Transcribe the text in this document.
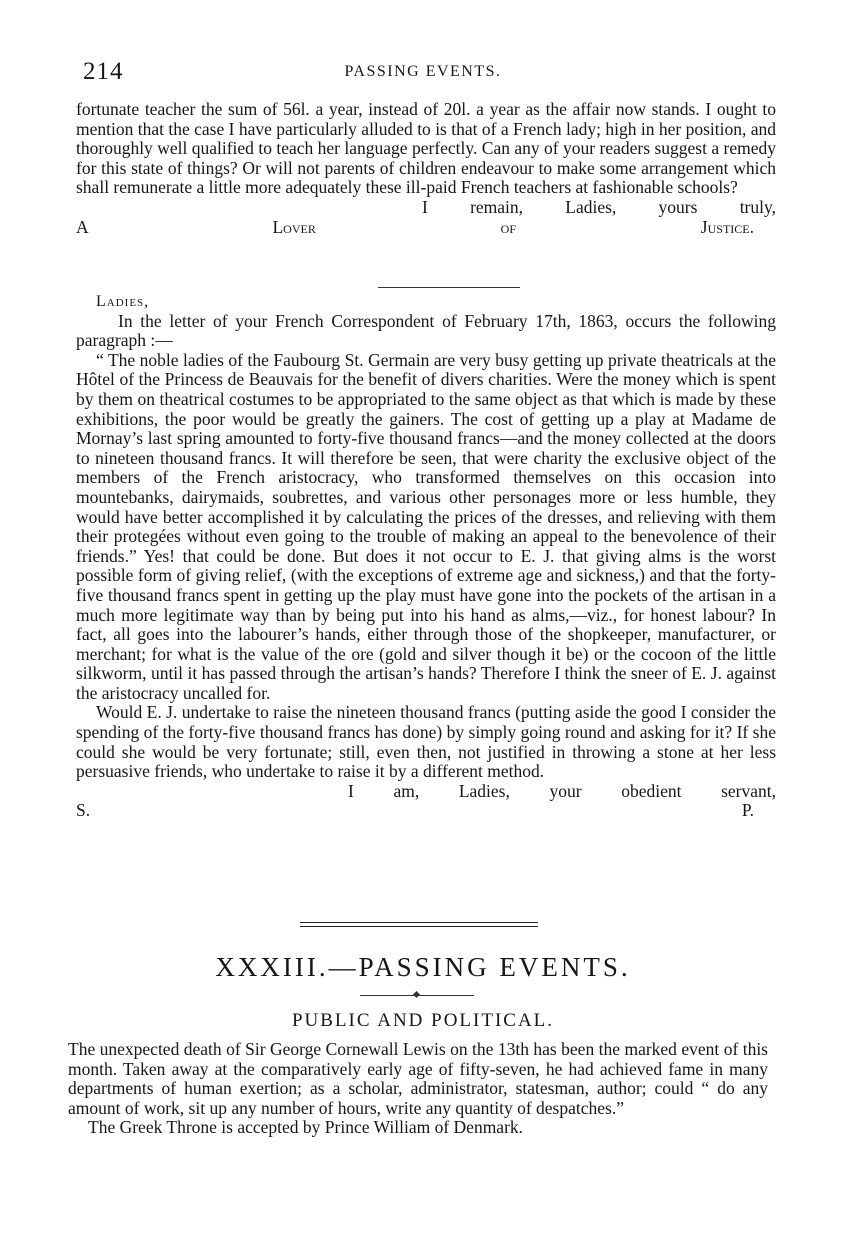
214	PASSING EVENTS.

fortunate teacher the sum of 56l. a year, instead of 20l. a year as the affair now stands. I ought to mention that the case I have particularly alluded to is that of a French lady; high in her position, and thoroughly well qualified to teach her language perfectly. Can any of your readers suggest a remedy for this state of things? Or will not parents of children endeavour to make some arrangement which shall remunerate a little more adequately these ill-paid French teachers at fashionable schools?

I remain, Ladies, yours truly,

A Lover of Justice.

Ladies,

In the letter of your French Correspondent of February 17th, 1863, occurs the following paragraph :—

“ The noble ladies of the Faubourg St. Germain are very busy getting up private theatricals at the Hôtel of the Princess de Beauvais for the benefit of divers charities. Were the money which is spent by them on theatrical costumes to be appropriated to the same object as that which is made by these exhibitions, the poor would be greatly the gainers. The cost of getting up a play at Madame de Mornay’s last spring amounted to forty-five thousand francs—and the money collected at the doors to nineteen thousand francs. It will therefore be seen, that were charity the exclusive object of the members of the French aristocracy, who transformed themselves on this occasion into mountebanks, dairymaids, soubrettes, and various other personages more or less humble, they would have better accomplished it by calculating the prices of the dresses, and relieving with them their protegées without even going to the trouble of making an appeal to the benevolence of their friends.” Yes! that could be done. But does it not occur to E. J. that giving alms is the worst possible form of giving relief, (with the exceptions of extreme age and sickness,) and that the forty-five thousand francs spent in getting up the play must have gone into the pockets of the artisan in a much more legitimate way than by being put into his hand as alms,—viz., for honest labour? In fact, all goes into the labourer’s hands, either through those of the shopkeeper, manufacturer, or merchant; for what is the value of the ore (gold and silver though it be) or the cocoon of the little silkworm, until it has passed through the artisan’s hands? Therefore I think the sneer of E. J. against the aristocracy uncalled for.

Would E. J. undertake to raise the nineteen thousand francs (putting aside the good I consider the spending of the forty-five thousand francs has done) by simply going round and asking for it? If she could she would be very fortunate; still, even then, not justified in throwing a stone at her less persuasive friends, who undertake to raise it by a different method.

I am, Ladies, your obedient servant,

S. P.

XXXIII.—PASSING EVENTS.
PUBLIC AND POLITICAL.

The unexpected death of Sir George Cornewall Lewis on the 13th has been the marked event of this month. Taken away at the comparatively early age of fifty-seven, he had achieved fame in many departments of human exertion; as a scholar, administrator, statesman, author; could “ do any amount of work, sit up any number of hours, write any quantity of despatches.”

The Greek Throne is accepted by Prince William of Denmark.
